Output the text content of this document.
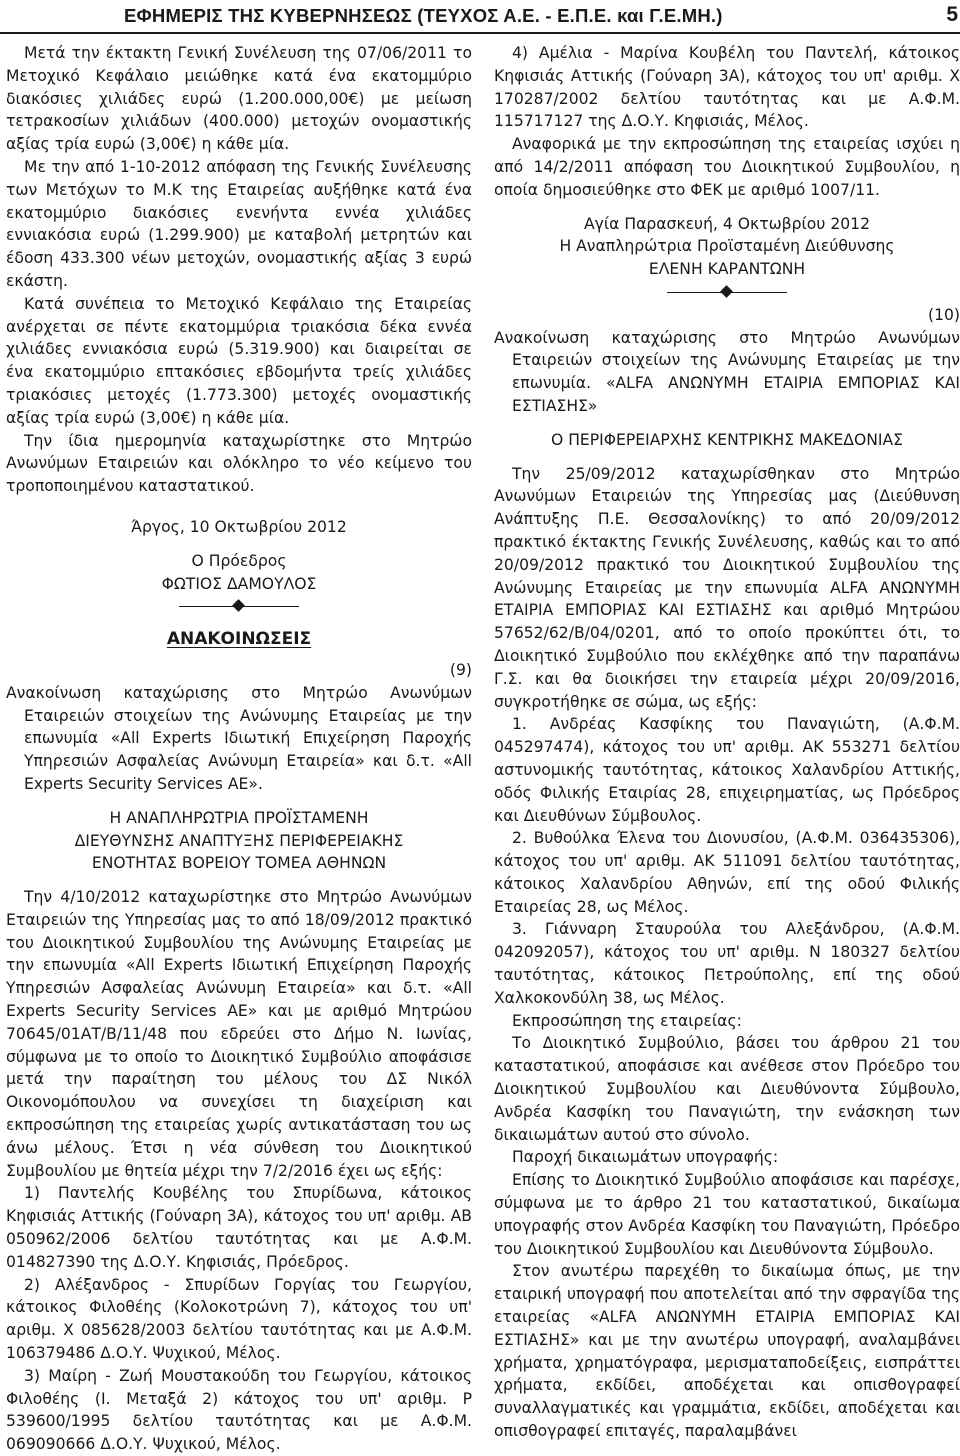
ΕΦΗΜΕΡΙΣ ΤΗΣ ΚΥΒΕΡΝΗΣΕΩΣ (ΤΕΥΧΟΣ Α.Ε. - Ε.Π.Ε. και Γ.Ε.ΜΗ.)	5

Μετά την έκτακτη Γενική Συνέλευση της 07/06/2011 το Μετοχικό Κεφάλαιο μειώθηκε κατά ένα εκατομμύριο διακόσιες χιλιάδες ευρώ (1.200.000,00€) με μείωση τετρακοσίων χιλιάδων (400.000) μετοχών ονομαστικής αξίας τρία ευρώ (3,00€) η κάθε μία.

Με την από 1-10-2012 απόφαση της Γενικής Συνέλευσης των Μετόχων το Μ.Κ της Εταιρείας αυξήθηκε κατά ένα εκατομμύριο διακόσιες ενενήντα εννέα χιλιάδες εννιακόσια ευρώ (1.299.900) με καταβολή μετρητών και έδοση 433.300 νέων μετοχών, ονομαστικής αξίας 3 ευρώ εκάστη.

Κατά συνέπεια το Μετοχικό Κεφάλαιο της Εταιρείας ανέρχεται σε πέντε εκατομμύρια τριακόσια δέκα εννέα χιλιάδες εννιακόσια ευρώ (5.319.900) και διαιρείται σε ένα εκατομμύριο επτακόσιες εβδομήντα τρείς χιλιάδες τριακόσιες μετοχές (1.773.300) μετοχές ονομαστικής αξίας τρία ευρώ (3,00€) η κάθε μία.

Την ίδια ημερομηνία καταχωρίστηκε στο Μητρώο Ανωνύμων Εταιρειών και ολόκληρο το νέο κείμενο του τροποποιημένου καταστατικού.

Άργος, 10 Οκτωβρίου 2012

Ο Πρόεδρος

ΦΩΤΙΟΣ ΔΑΜΟΥΛΟΣ

ΑΝΑΚΟΙΝΩΣΕΙΣ

(9)

Ανακοίνωση καταχώρισης στο Μητρώο Ανωνύμων Εταιρειών στοιχείων της Ανώνυμης Εταιρείας με την επωνυμία «All Experts Ιδιωτική Επιχείρηση Παροχής Υπηρεσιών Ασφαλείας Ανώνυμη Εταιρεία» και δ.τ. «All Experts Security Services AE».

Η ΑΝΑΠΛΗΡΩΤΡΙΑ ΠΡΟΪΣΤΑΜΕΝΗ

ΔΙΕΥΘΥΝΣΗΣ ΑΝΑΠΤΥΞΗΣ ΠΕΡΙΦΕΡΕΙΑΚΗΣ

ΕΝΟΤΗΤΑΣ ΒΟΡΕΙΟΥ ΤΟΜΕΑ ΑΘΗΝΩΝ

Την 4/10/2012 καταχωρίστηκε στο Μητρώο Ανωνύμων Εταιρειών της Υπηρεσίας μας το από 18/09/2012 πρακτικό του Διοικητικού Συμβουλίου της Ανώνυμης Εταιρείας με την επωνυμία «All Experts Ιδιωτική Επιχείρηση Παροχής Υπηρεσιών Ασφαλείας Ανώνυμη Εταιρεία» και δ.τ. «All Experts Security Services AE» και με αριθμό Μητρώου 70645/01ΑΤ/Β/11/48 που εδρεύει στο Δήμο Ν. Ιωνίας, σύμφωνα με το οποίο το Διοικητικό Συμβούλιο αποφάσισε μετά την παραίτηση του μέλους του ΔΣ Νικόλ Οικονομόπουλου να συνεχίσει τη διαχείριση και εκπροσώπηση της εταιρείας χωρίς αντικατάσταση του ως άνω μέλους. Έτσι η νέα σύνθεση του Διοικητικού Συμβουλίου με θητεία μέχρι την 7/2/2016 έχει ως εξής:

1) Παντελής Κουβέλης του Σπυρίδωνα, κάτοικος Κηφισιάς Αττικής (Γούναρη 3Α), κάτοχος του υπ' αριθμ. ΑΒ 050962/2006 δελτίου ταυτότητας και με Α.Φ.Μ. 014827390 της Δ.Ο.Υ. Κηφισιάς, Πρόεδρος.

2) Αλέξανδρος - Σπυρίδων Γοργίας του Γεωργίου, κάτοικος Φιλοθέης (Κολοκοτρώνη 7), κάτοχος του υπ' αριθμ. Χ 085628/2003 δελτίου ταυτότητας και με Α.Φ.Μ. 106379486 Δ.Ο.Υ. Ψυχικού, Μέλος.

3) Μαίρη - Ζωή Μουστακούδη του Γεωργίου, κάτοικος Φιλοθέης (Ι. Μεταξά 2) κάτοχος του υπ' αριθμ. Ρ 539600/1995 δελτίου ταυτότητας και με Α.Φ.Μ. 069090666 Δ.Ο.Υ. Ψυχικού, Μέλος.

4) Αμέλια - Μαρίνα Κουβέλη του Παντελή, κάτοικος Κηφισιάς Αττικής (Γούναρη 3Α), κάτοχος του υπ' αριθμ. Χ 170287/2002 δελτίου ταυτότητας και με Α.Φ.Μ. 115717127 της Δ.Ο.Υ. Κηφισιάς, Μέλος.

Αναφορικά με την εκπροσώπηση της εταιρείας ισχύει η από 14/2/2011 απόφαση του Διοικητικού Συμβουλίου, η οποία δημοσιεύθηκε στο ΦΕΚ με αριθμό 1007/11.

Αγία Παρασκευή, 4 Οκτωβρίου 2012

Η Αναπληρώτρια Προϊσταμένη Διεύθυνσης

ΕΛΕΝΗ ΚΑΡΑΝΤΩΝΗ

(10)

Ανακοίνωση καταχώρισης στο Μητρώο Ανωνύμων Εταιρειών στοιχείων της Ανώνυμης Εταιρείας με την επωνυμία. «ALFA ΑΝΩΝΥΜΗ ΕΤΑΙΡΙΑ ΕΜΠΟΡΙΑΣ ΚΑΙ ΕΣΤΙΑΣΗΣ»

Ο ΠΕΡΙΦΕΡΕΙΑΡΧΗΣ ΚΕΝΤΡΙΚΗΣ ΜΑΚΕΔΟΝΙΑΣ

Την 25/09/2012 καταχωρίσθηκαν στο Μητρώο Ανωνύμων Εταιρειών της Υπηρεσίας μας (Διεύθυνση Ανάπτυξης Π.Ε. Θεσσαλονίκης) το από 20/09/2012 πρακτικό έκτακτης Γενικής Συνέλευσης, καθώς και το από 20/09/2012 πρακτικό του Διοικητικού Συμβουλίου της Ανώνυμης Εταιρείας με την επωνυμία ALFA ΑΝΩΝΥΜΗ ΕΤΑΙΡΙΑ ΕΜΠΟΡΙΑΣ ΚΑΙ ΕΣΤΙΑΣΗΣ και αριθμό Μητρώου 57652/62/Β/04/0201, από το οποίο προκύπτει ότι, το Διοικητικό Συμβούλιο που εκλέχθηκε από την παραπάνω Γ.Σ. και θα διοικήσει την εταιρεία μέχρι 20/09/2016, συγκροτήθηκε σε σώμα, ως εξής:

1. Ανδρέας Κασφίκης του Παναγιώτη, (Α.Φ.Μ. 045297474), κάτοχος του υπ' αριθμ. ΑΚ 553271 δελτίου αστυνομικής ταυτότητας, κάτοικος Χαλανδρίου Αττικής, οδός Φιλικής Εταιρίας 28, επιχειρηματίας, ως Πρόεδρος και Διευθύνων Σύμβουλος.

2. Βυθούλκα Έλενα του Διονυσίου, (Α.Φ.Μ. 036435306), κάτοχος του υπ' αριθμ. ΑΚ 511091 δελτίου ταυτότητας, κάτοικος Χαλανδρίου Αθηνών, επί της οδού Φιλικής Εταιρείας 28, ως Μέλος.

3. Γιάνναρη Σταυρούλα του Αλεξάνδρου, (Α.Φ.Μ. 042092057), κάτοχος του υπ' αριθμ. Ν 180327 δελτίου ταυτότητας, κάτοικος Πετρούπολης, επί της οδού Χαλκοκονδύλη 38, ως Μέλος.

Εκπροσώπηση της εταιρείας:

Το Διοικητικό Συμβούλιο, βάσει του άρθρου 21 του καταστατικού, αποφάσισε και ανέθεσε στον Πρόεδρο του Διοικητικού Συμβουλίου και Διευθύνοντα Σύμβουλο, Ανδρέα Κασφίκη του Παναγιώτη, την ενάσκηση των δικαιωμάτων αυτού στο σύνολο.

Παροχή δικαιωμάτων υπογραφής:

Επίσης το Διοικητικό Συμβούλιο αποφάσισε και παρέσχε, σύμφωνα με το άρθρο 21 του καταστατικού, δικαίωμα υπογραφής στον Ανδρέα Κασφίκη του Παναγιώτη, Πρόεδρο του Διοικητικού Συμβουλίου και Διευθύνοντα Σύμβουλο.

Στον ανωτέρω παρεχέθη το δικαίωμα όπως, με την εταιρική υπογραφή που αποτελείται από την σφραγίδα της εταιρείας «ALFA ΑΝΩΝΥΜΗ ΕΤΑΙΡΙΑ ΕΜΠΟΡΙΑΣ ΚΑΙ ΕΣΤΙΑΣΗΣ» και με την ανωτέρω υπογραφή, αναλαμβάνει χρήματα, χρηματόγραφα, μερισματαποδείξεις, εισπράττει χρήματα, εκδίδει, αποδέχεται και οπισθογραφεί συναλλαγματικές και γραμμάτια, εκδίδει, αποδέχεται και οπισθογραφεί επιταγές, παραλαμβάνει
